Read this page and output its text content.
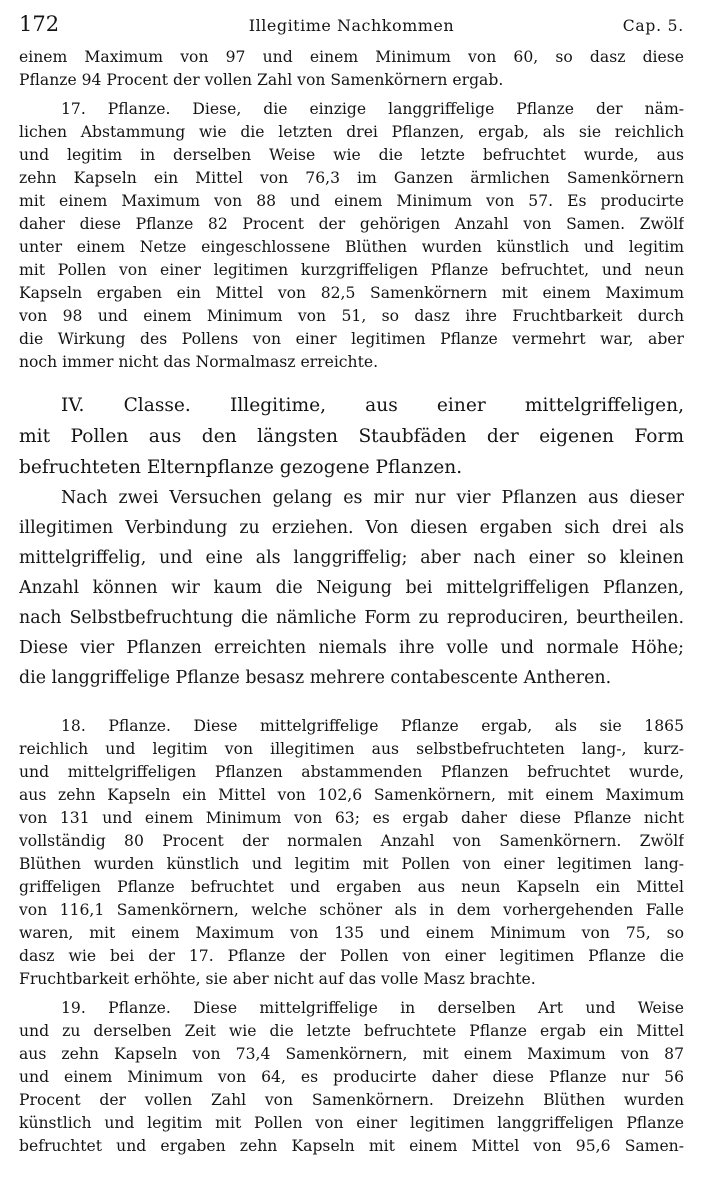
172	Illegitime Nachkommen	Cap. 5.
einem Maximum von 97 und einem Minimum von 60, so dasz diese
Pflanze 94 Procent der vollen Zahl von Samenkörnern ergab.
17. Pflanze. Diese, die einzige langgriffelige Pflanze der näm-
lichen Abstammung wie die letzten drei Pflanzen, ergab, als sie reichlich
und legitim in derselben Weise wie die letzte befruchtet wurde, aus
zehn Kapseln ein Mittel von 76,3 im Ganzen ärmlichen Samenkörnern
mit einem Maximum von 88 und einem Minimum von 57. Es producirte
daher diese Pflanze 82 Procent der gehörigen Anzahl von Samen. Zwölf
unter einem Netze eingeschlossene Blüthen wurden künstlich und legitim
mit Pollen von einer legitimen kurzgriffeligen Pflanze befruchtet, und neun
Kapseln ergaben ein Mittel von 82,5 Samenkörnern mit einem Maximum
von 98 und einem Minimum von 51, so dasz ihre Fruchtbarkeit durch
die Wirkung des Pollens von einer legitimen Pflanze vermehrt war, aber
noch immer nicht das Normalmasz erreichte.
IV. Classe. Illegitime, aus einer mittelgriffeligen,
mit Pollen aus den längsten Staubfäden der eigenen Form
befruchteten Elternpflanze gezogene Pflanzen.
Nach zwei Versuchen gelang es mir nur vier Pflanzen aus dieser
illegitimen Verbindung zu erziehen. Von diesen ergaben sich drei als
mittelgriffelig, und eine als langgriffelig; aber nach einer so kleinen
Anzahl können wir kaum die Neigung bei mittelgriffeligen Pflanzen,
nach Selbstbefruchtung die nämliche Form zu reproduciren, beurtheilen.
Diese vier Pflanzen erreichten niemals ihre volle und normale Höhe;
die langgriffelige Pflanze besasz mehrere contabescente Antheren.
18. Pflanze. Diese mittelgriffelige Pflanze ergab, als sie 1865
reichlich und legitim von illegitimen aus selbstbefruchteten lang-, kurz-
und mittelgriffeligen Pflanzen abstammenden Pflanzen befruchtet wurde,
aus zehn Kapseln ein Mittel von 102,6 Samenkörnern, mit einem Maximum
von 131 und einem Minimum von 63; es ergab daher diese Pflanze nicht
vollständig 80 Procent der normalen Anzahl von Samenkörnern. Zwölf
Blüthen wurden künstlich und legitim mit Pollen von einer legitimen lang-
griffeligen Pflanze befruchtet und ergaben aus neun Kapseln ein Mittel
von 116,1 Samenkörnern, welche schöner als in dem vorhergehenden Falle
waren, mit einem Maximum von 135 und einem Minimum von 75, so
dasz wie bei der 17. Pflanze der Pollen von einer legitimen Pflanze die
Fruchtbarkeit erhöhte, sie aber nicht auf das volle Masz brachte.
19. Pflanze. Diese mittelgriffelige in derselben Art und Weise
und zu derselben Zeit wie die letzte befruchtete Pflanze ergab ein Mittel
aus zehn Kapseln von 73,4 Samenkörnern, mit einem Maximum von 87
und einem Minimum von 64, es producirte daher diese Pflanze nur 56
Procent der vollen Zahl von Samenkörnern. Dreizehn Blüthen wurden
künstlich und legitim mit Pollen von einer legitimen langgriffeligen Pflanze
befruchtet und ergaben zehn Kapseln mit einem Mittel von 95,6 Samen-
